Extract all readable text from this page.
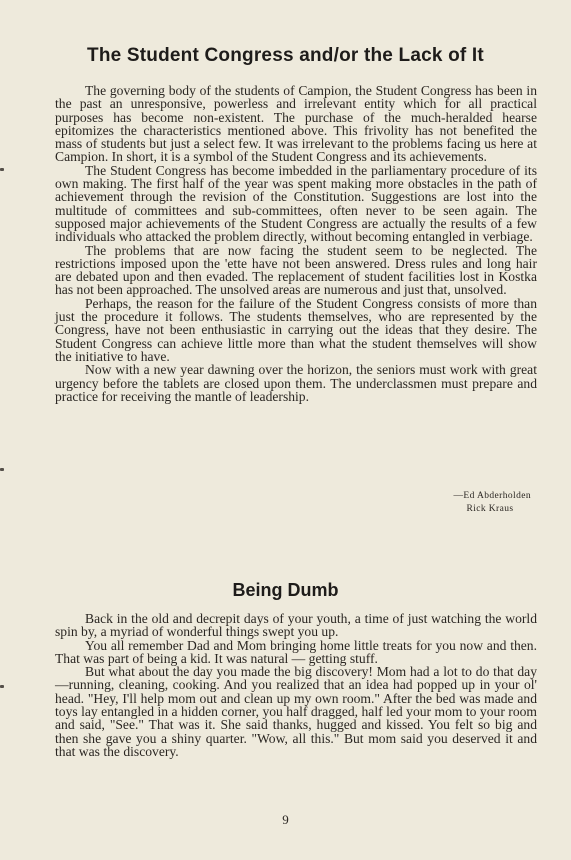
The Student Congress and/or the Lack of It

The governing body of the students of Campion, the Student Congress has been in the past an unresponsive, powerless and irrelevant entity which for all practical purposes has become non-existent. The purchase of the much-heralded hearse epitomizes the characteristics mentioned above. This frivolity has not benefited the mass of students but just a select few. It was irrelevant to the problems facing us here at Campion. In short, it is a symbol of the Student Congress and its achievements.

The Student Congress has become imbedded in the parliamentary procedure of its own making. The first half of the year was spent making more obstacles in the path of achievement through the revision of the Constitution. Suggestions are lost into the multitude of committees and sub-committees, often never to be seen again. The supposed major achievements of the Student Congress are actually the results of a few individuals who attacked the problem directly, without becoming entangled in verbiage.

The problems that are now facing the student seem to be neglected. The restrictions imposed upon the 'ette have not been answered. Dress rules and long hair are debated upon and then evaded. The replacement of student facilities lost in Kostka has not been approached. The unsolved areas are numerous and just that, unsolved.

Perhaps, the reason for the failure of the Student Congress consists of more than just the procedure it follows. The students themselves, who are represented by the Congress, have not been enthusiastic in carrying out the ideas that they desire. The Student Congress can achieve little more than what the student themselves will show the initiative to have.

Now with a new year dawning over the horizon, the seniors must work with great urgency before the tablets are closed upon them. The underclassmen must prepare and practice for receiving the mantle of leadership.

—Ed Abderholden
Rick Kraus
Being Dumb

Back in the old and decrepit days of your youth, a time of just watching the world spin by, a myriad of wonderful things swept you up.

You all remember Dad and Mom bringing home little treats for you now and then. That was part of being a kid. It was natural — getting stuff.

But what about the day you made the big discovery! Mom had a lot to do that day—running, cleaning, cooking. And you realized that an idea had popped up in your ol' head. "Hey, I'll help mom out and clean up my own room." After the bed was made and toys lay entangled in a hidden corner, you half dragged, half led your mom to your room and said, "See." That was it. She said thanks, hugged and kissed. You felt so big and then she gave you a shiny quarter. "Wow, all this." But mom said you deserved it and that was the discovery.

9
